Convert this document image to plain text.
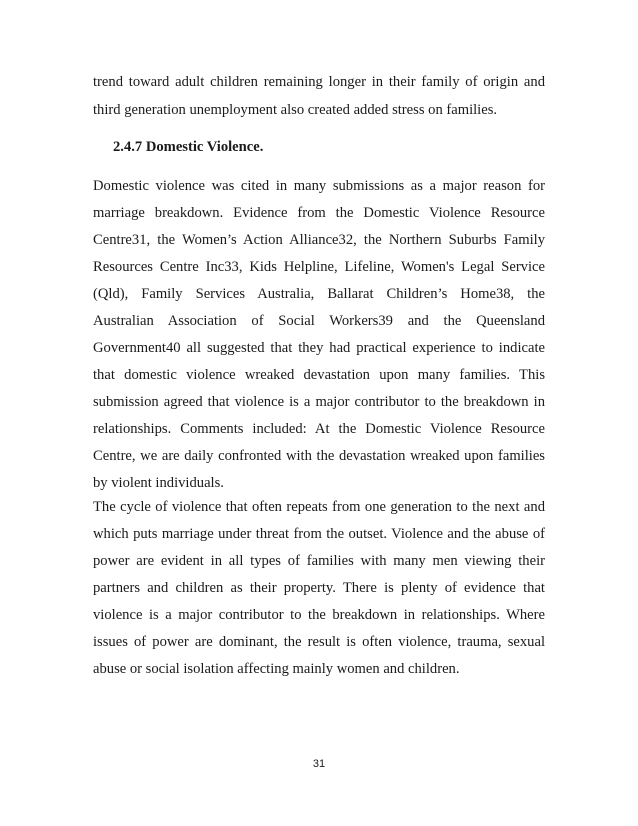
trend toward adult children remaining longer in their family of origin and

third generation unemployment also created added stress on families.

2.4.7 Domestic Violence.

Domestic violence was cited in many submissions as a major reason for

marriage breakdown. Evidence from the Domestic Violence Resource

Centre31, the Women’s Action Alliance32, the Northern Suburbs Family

Resources Centre Inc33, Kids Helpline, Lifeline, Women's Legal Service

(Qld), Family Services Australia, Ballarat Children’s Home38, the

Australian Association of Social Workers39 and the Queensland

Government40 all suggested that they had practical experience to indicate

that domestic violence wreaked devastation upon many families. This

submission agreed that violence is a major contributor to the breakdown in

relationships. Comments included: At the Domestic Violence Resource

Centre, we are daily confronted with the devastation wreaked upon families

by violent individuals.

The cycle of violence that often repeats from one generation to the next and

which puts marriage under threat from the outset. Violence and the abuse of

power are evident in all types of families with many men viewing their

partners and children as their property. There is plenty of evidence that

violence is a major contributor to the breakdown in relationships. Where

issues of power are dominant, the result is often violence, trauma, sexual

abuse or social isolation affecting mainly women and children.

31
